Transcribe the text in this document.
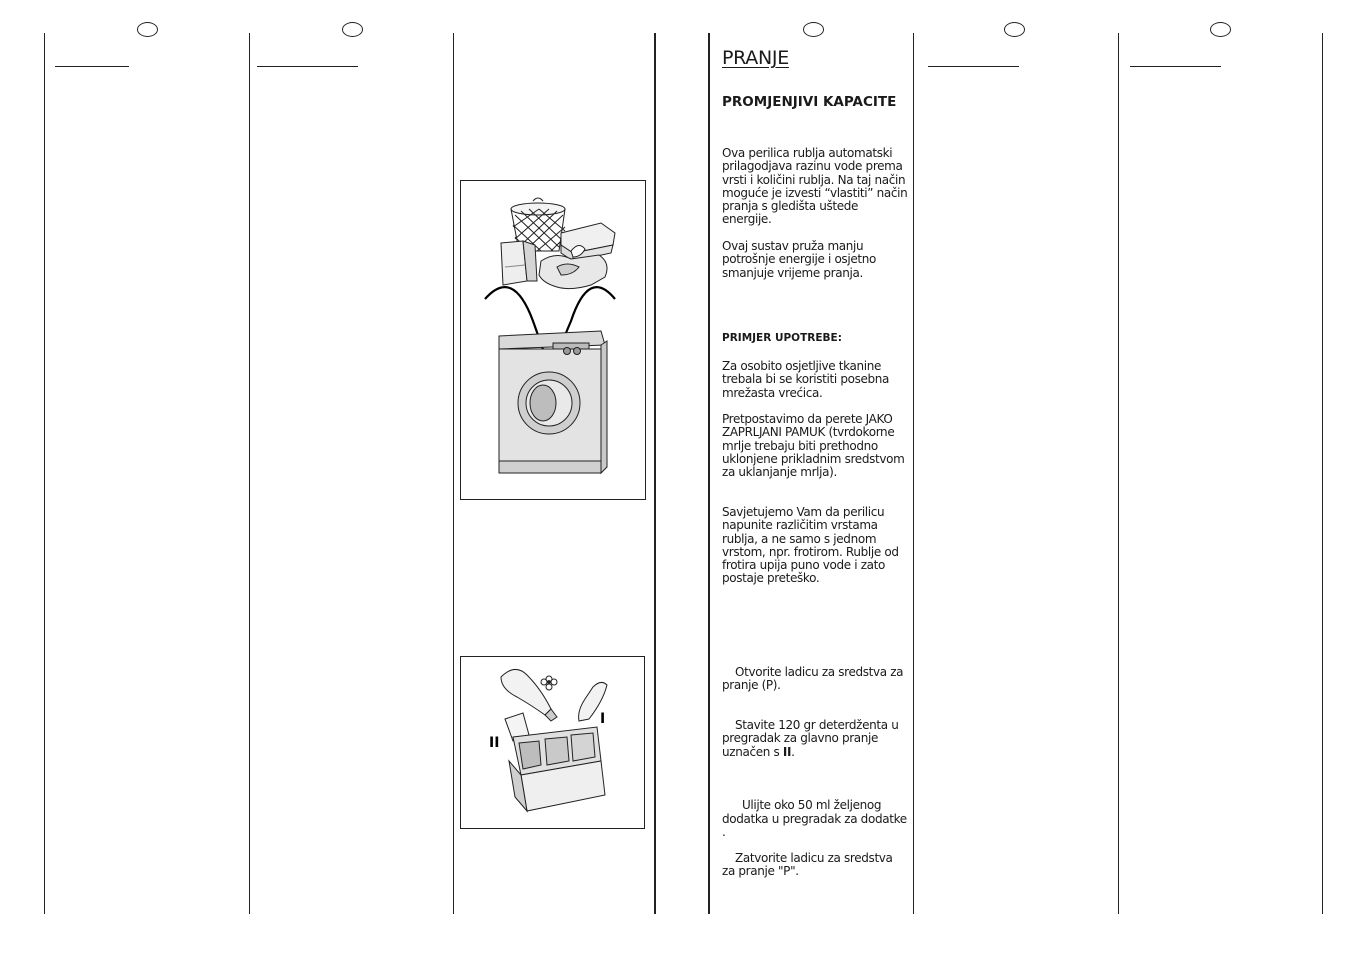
II
I
PRANJE
PROMJENJIVI KAPACITE
Ova perilica rublja automatski prilagodjava razinu vode prema vrsti i količini rublja. Na taj način moguće je izvesti “vlastiti” način pranja s gledišta uštede energije.
Ovaj sustav pruža manju potrošnje energije i osjetno smanjuje vrijeme pranja.
PRIMJER UPOTREBE:
Za osobito osjetljive tkanine trebala bi se koristiti posebna mrežasta vrećica.
Pretpostavimo da perete JAKO ZAPRLJANI PAMUK (tvrdokorne mrlje trebaju biti prethodno uklonjene prikladnim sredstvom za uklanjanje mrlja).
Savjetujemo Vam da perilicu napunite različitim vrstama rublja, a ne samo s jednom vrstom, npr. frotirom. Rublje od frotira upija puno vode i zato postaje preteško.
Otvorite ladicu za sredstva za pranje (P).
Stavite 120 gr deterdženta u pregradak za glavno pranje uznačen s II.

Ulijte oko 50 ml željenog dodatka u pregradak za dodatke       .

Zatvorite ladicu za sredstva za pranje "P".
